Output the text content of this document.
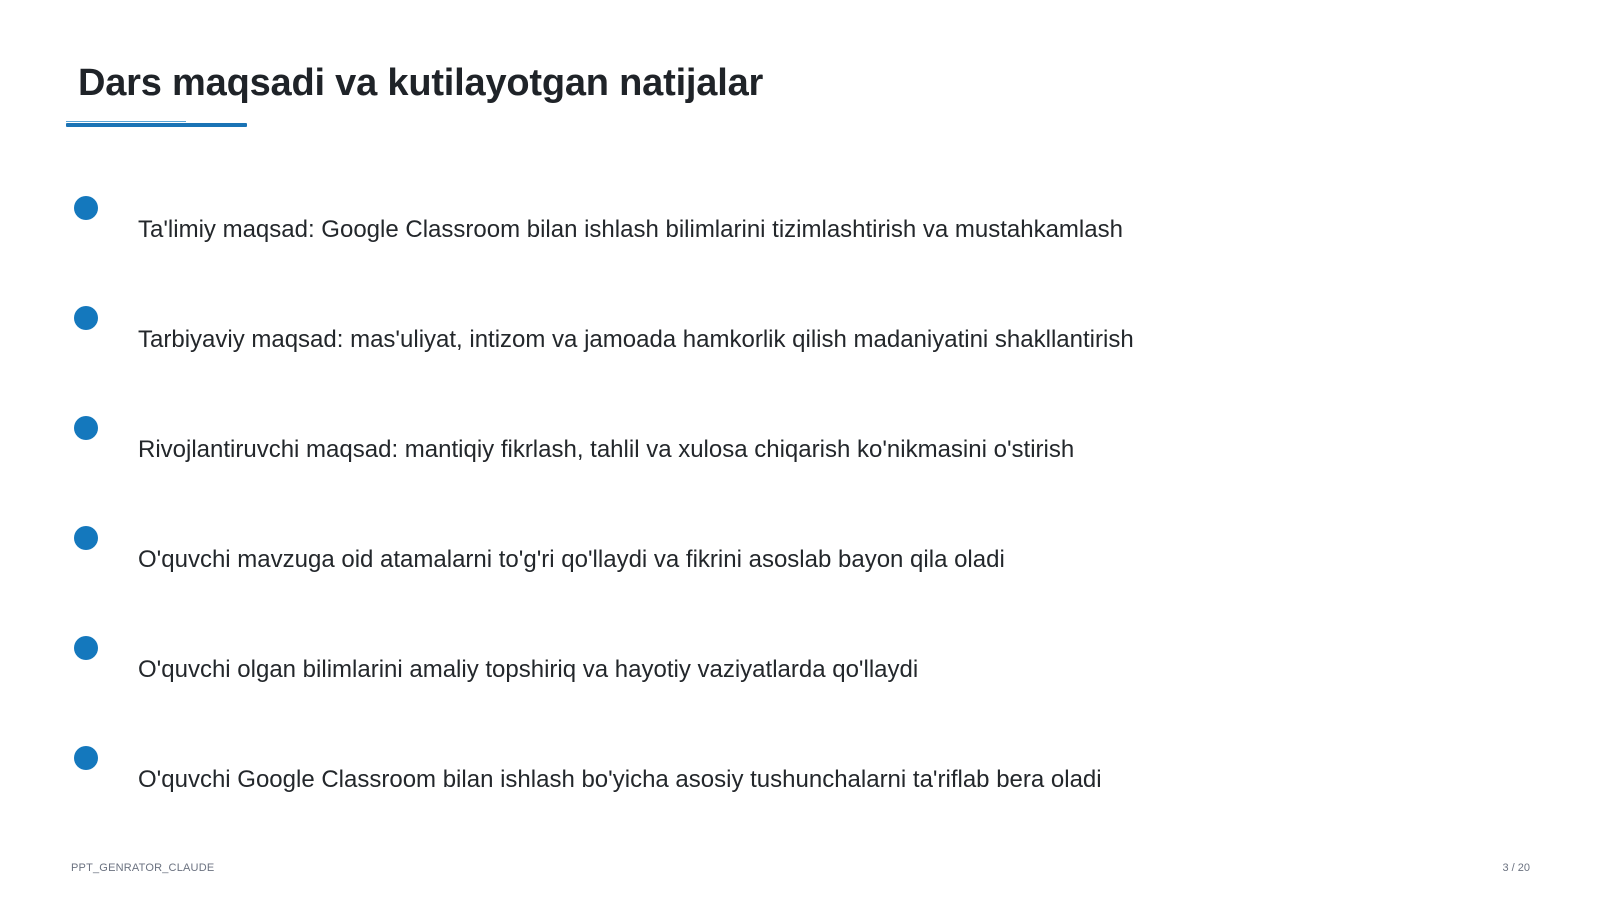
Dars maqsadi va kutilayotgan natijalar
Ta'limiy maqsad: Google Classroom bilan ishlash bilimlarini tizimlashtirish va mustahkamlash
Tarbiyaviy maqsad: mas'uliyat, intizom va jamoada hamkorlik qilish madaniyatini shakllantirish
Rivojlantiruvchi maqsad: mantiqiy fikrlash, tahlil va xulosa chiqarish ko'nikmasini o'stirish
O'quvchi mavzuga oid atamalarni to'g'ri qo'llaydi va fikrini asoslab bayon qila oladi
O'quvchi olgan bilimlarini amaliy topshiriq va hayotiy vaziyatlarda qo'llaydi
O'quvchi Google Classroom bilan ishlash bo'yicha asosiy tushunchalarni ta'riflab bera oladi
PPT_GENRATOR_CLAUDE	3 / 20
